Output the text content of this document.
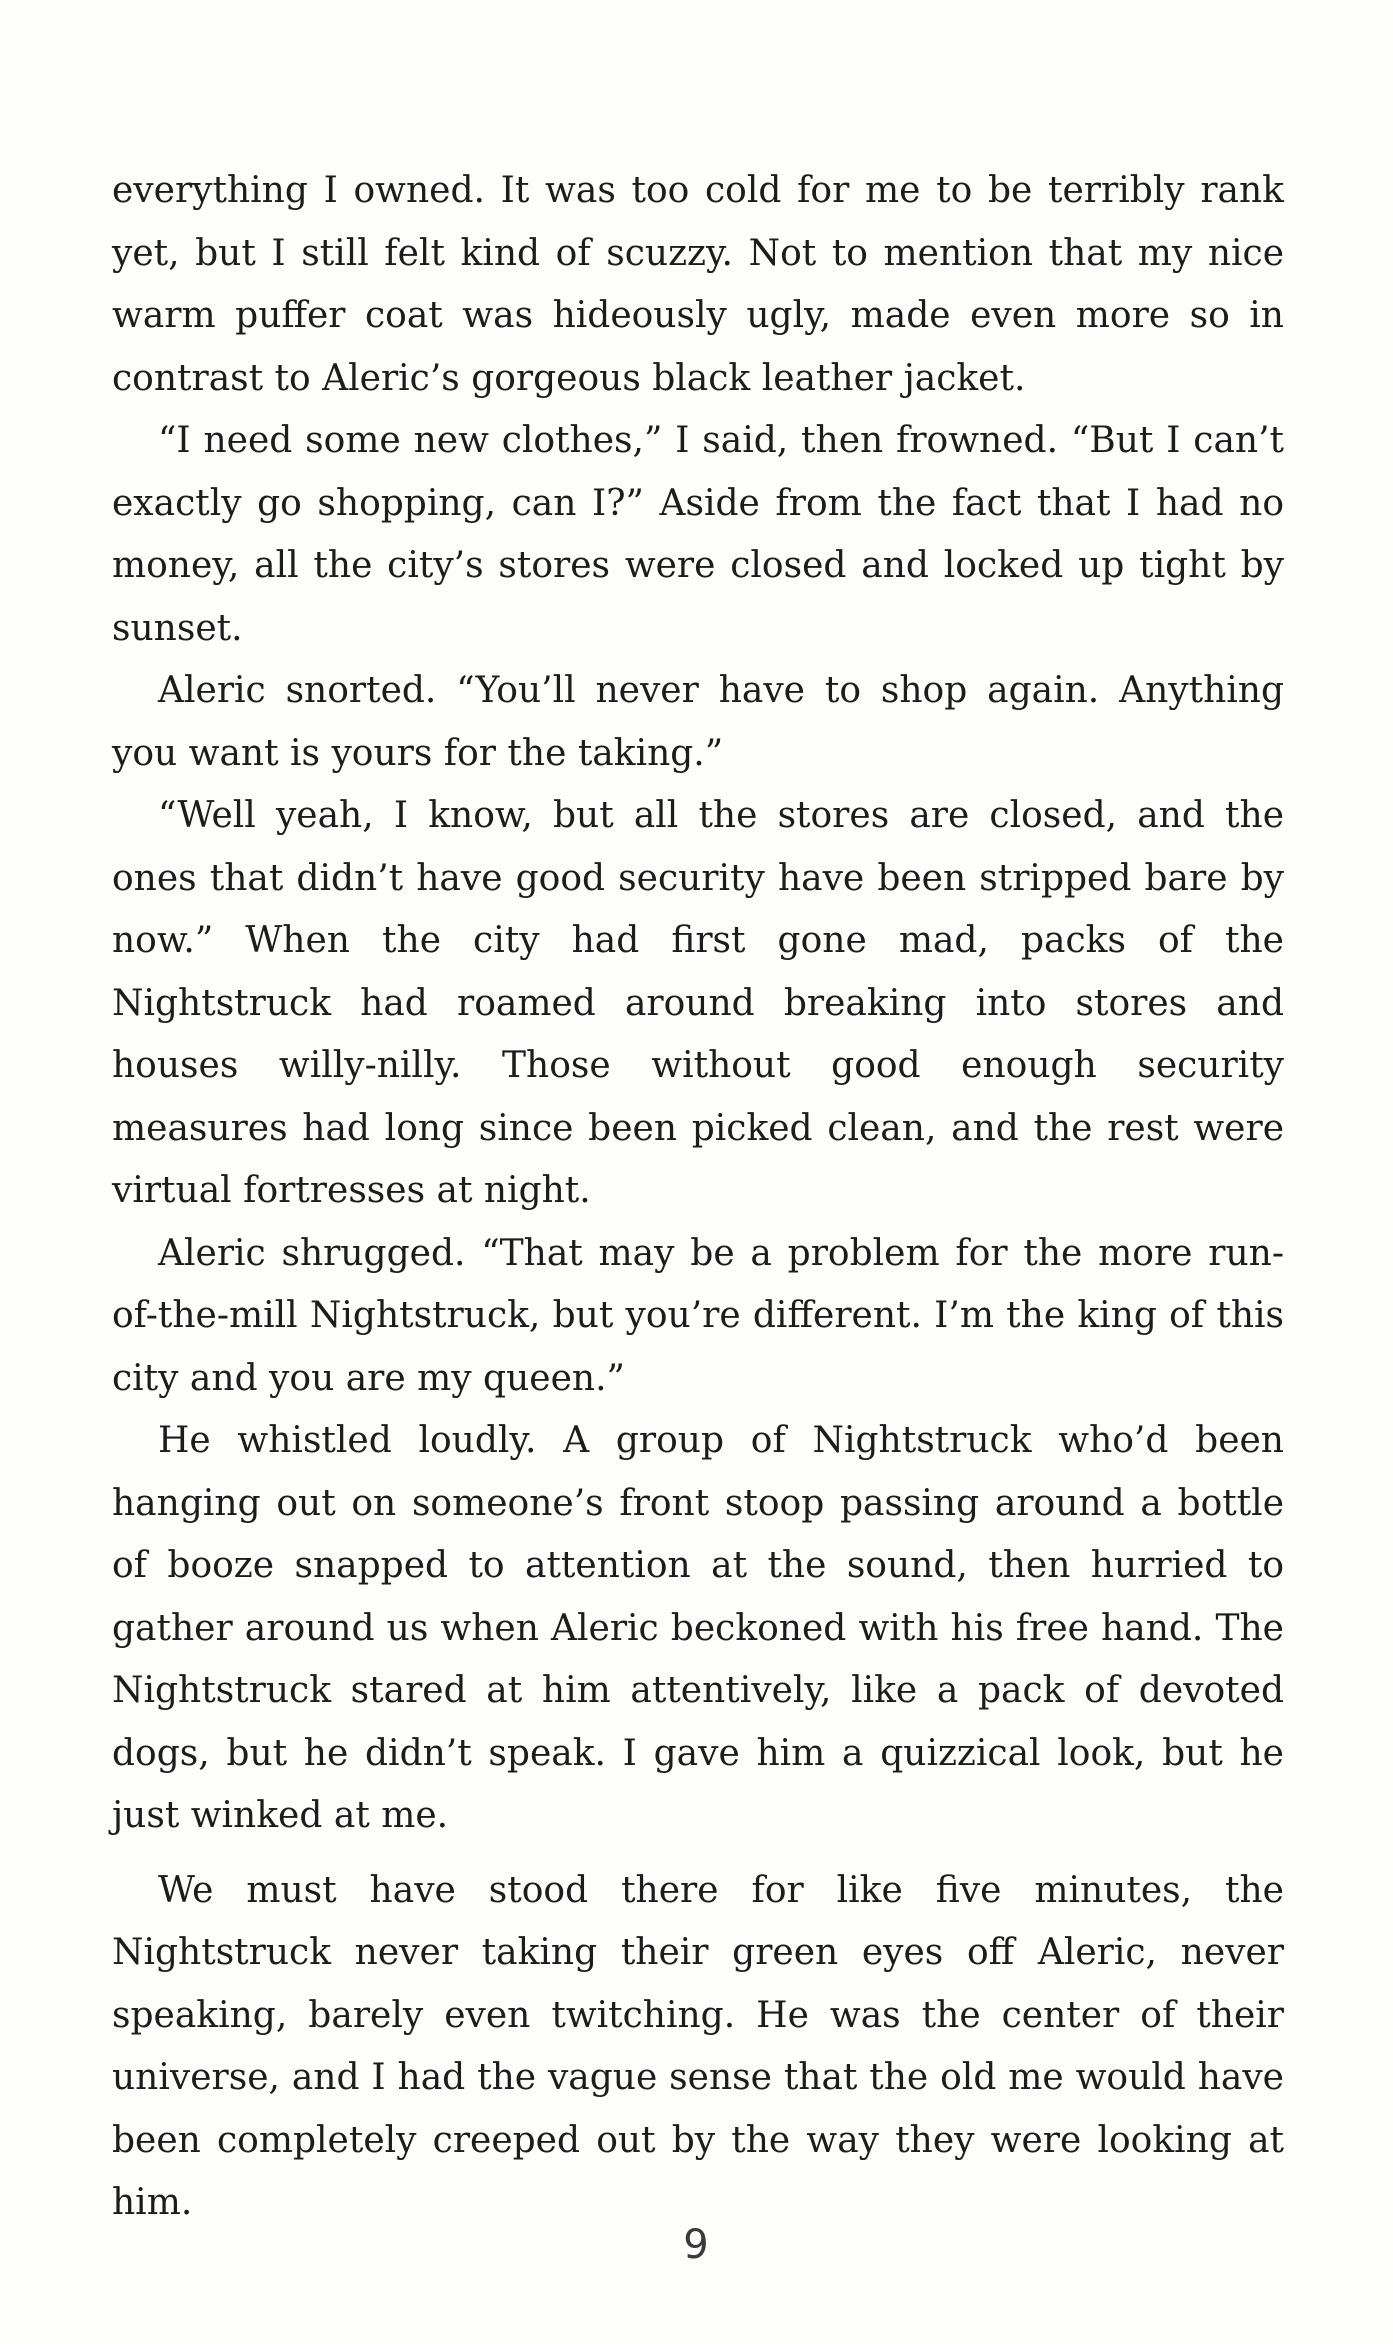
everything I owned. It was too cold for me to be terribly rank yet, but I still felt kind of scuzzy. Not to mention that my nice warm puffer coat was hideously ugly, made even more so in contrast to Aleric’s gorgeous black leather jacket.

“I need some new clothes,” I said, then frowned. “But I can’t exactly go shopping, can I?” Aside from the fact that I had no money, all the city’s stores were closed and locked up tight by sunset.

Aleric snorted. “You’ll never have to shop again. Anything you want is yours for the taking.”

“Well yeah, I know, but all the stores are closed, and the ones that didn’t have good security have been stripped bare by now.” When the city had first gone mad, packs of the Nightstruck had roamed around breaking into stores and houses willy-nilly. Those without good enough security measures had long since been picked clean, and the rest were virtual fortresses at night.

Aleric shrugged. “That may be a problem for the more run-of-the-mill Nightstruck, but you’re different. I’m the king of this city and you are my queen.”

He whistled loudly. A group of Nightstruck who’d been hanging out on someone’s front stoop passing around a bottle of booze snapped to attention at the sound, then hurried to gather around us when Aleric beckoned with his free hand. The Nightstruck stared at him attentively, like a pack of devoted dogs, but he didn’t speak. I gave him a quizzical look, but he just winked at me.

We must have stood there for like five minutes, the Nightstruck never taking their green eyes off Aleric, never speaking, barely even twitching. He was the center of their universe, and I had the vague sense that the old me would have been completely creeped out by the way they were looking at him.

9
